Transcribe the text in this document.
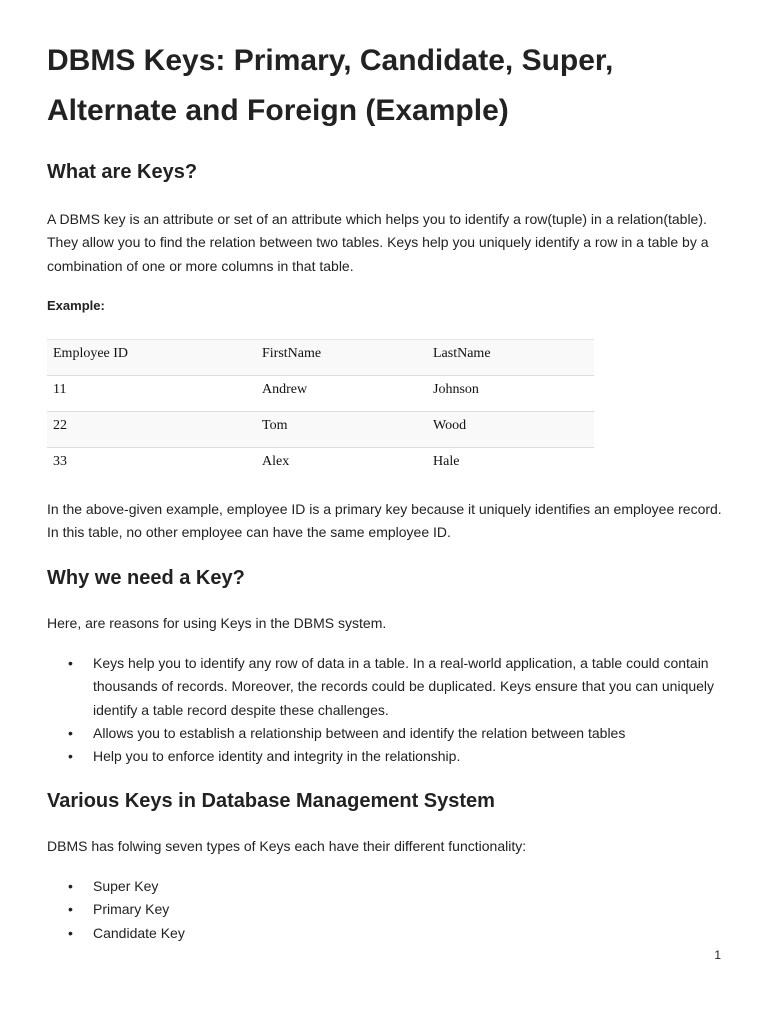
DBMS Keys: Primary, Candidate, Super, Alternate and Foreign (Example)
What are Keys?

A DBMS key is an attribute or set of an attribute which helps you to identify a row(tuple) in a relation(table). They allow you to find the relation between two tables. Keys help you uniquely identify a row in a table by a combination of one or more columns in that table.

Example:

Employee ID	FirstName	LastName
11	Andrew	Johnson
22	Tom	Wood
33	Alex	Hale

In the above-given example, employee ID is a primary key because it uniquely identifies an employee record. In this table, no other employee can have the same employee ID.

Why we need a Key?

Here, are reasons for using Keys in the DBMS system.

• Keys help you to identify any row of data in a table. In a real-world application, a table could contain thousands of records. Moreover, the records could be duplicated. Keys ensure that you can uniquely identify a table record despite these challenges.
• Allows you to establish a relationship between and identify the relation between tables
• Help you to enforce identity and integrity in the relationship.
Various Keys in Database Management System

DBMS has folwing seven types of Keys each have their different functionality:

• Super Key
• Primary Key
• Candidate Key
1
